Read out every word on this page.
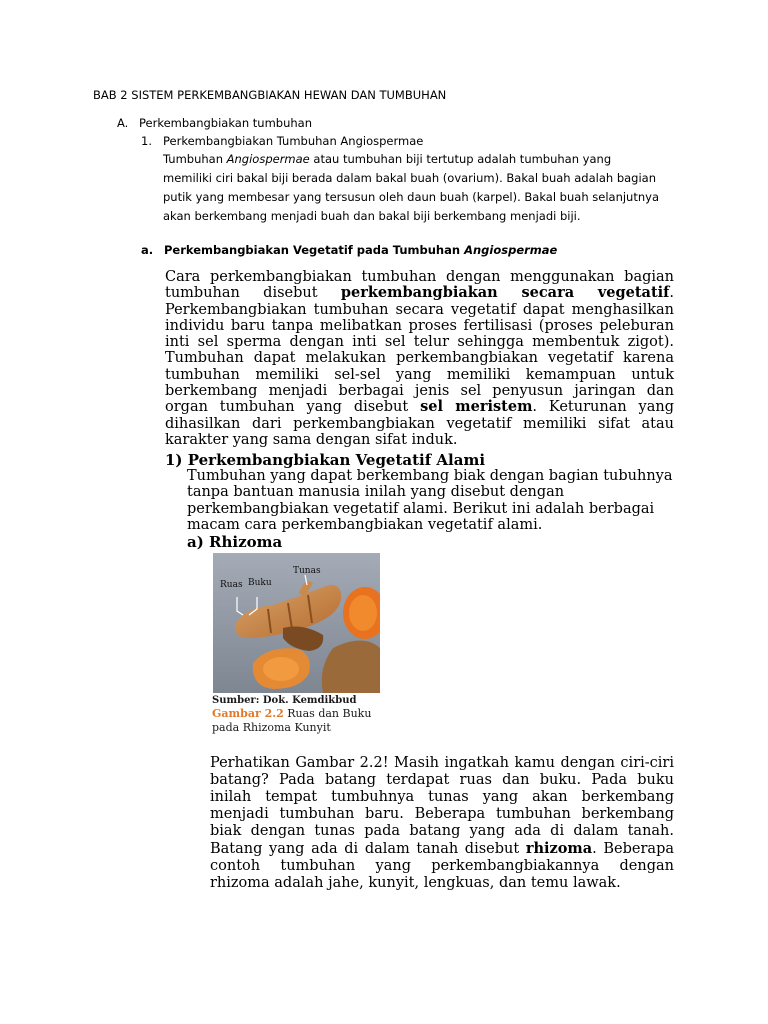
BAB 2 SISTEM PERKEMBANGBIAKAN HEWAN DAN TUMBUHAN
A. Perkembangbiakan tumbuhan
1. Perkembangbiakan Tumbuhan Angiospermae
Tumbuhan Angiospermae atau tumbuhan biji tertutup adalah tumbuhan yang
memiliki ciri bakal biji berada dalam bakal buah (ovarium). Bakal buah adalah bagian
putik yang membesar yang tersusun oleh daun buah (karpel). Bakal buah selanjutnya
akan berkembang menjadi buah dan bakal biji berkembang menjadi biji.
a. Perkembangbiakan Vegetatif pada Tumbuhan Angiospermae
Cara perkembangbiakan tumbuhan dengan menggunakan bagian tumbuhan disebut perkembangbiakan secara vegetatif. Perkembangbiakan tumbuhan secara vegetatif dapat menghasilkan individu baru tanpa melibatkan proses fertilisasi (proses peleburan inti sel sperma dengan inti sel telur sehingga membentuk zigot). Tumbuhan dapat melakukan perkembangbiakan vegetatif karena tumbuhan memiliki sel-sel yang memiliki kemampuan untuk berkembang menjadi berbagai jenis sel penyusun jaringan dan organ tumbuhan yang disebut sel meristem. Keturunan yang dihasilkan dari perkembangbiakan vegetatif memiliki sifat atau karakter yang sama dengan sifat induk.
1) Perkembangbiakan Vegetatif Alami
Tumbuhan yang dapat berkembang biak dengan bagian tubuhnya tanpa bantuan manusia inilah yang disebut dengan perkembangbiakan vegetatif alami. Berikut ini adalah berbagai macam cara perkembangbiakan vegetatif alami.
a) Rhizoma
Ruas Buku
Tunas
Sumber: Dok. Kemdikbud
Gambar 2.2 Ruas dan Buku
pada Rhizoma Kunyit
Perhatikan Gambar 2.2! Masih ingatkah kamu dengan ciri-ciri batang? Pada batang terdapat ruas dan buku. Pada buku inilah tempat tumbuhnya tunas yang akan berkembang menjadi tumbuhan baru. Beberapa tumbuhan berkembang biak dengan tunas pada batang yang ada di dalam tanah. Batang yang ada di dalam tanah disebut rhizoma. Beberapa contoh tumbuhan yang perkembangbiakannya dengan rhizoma adalah jahe, kunyit, lengkuas, dan temu lawak.
